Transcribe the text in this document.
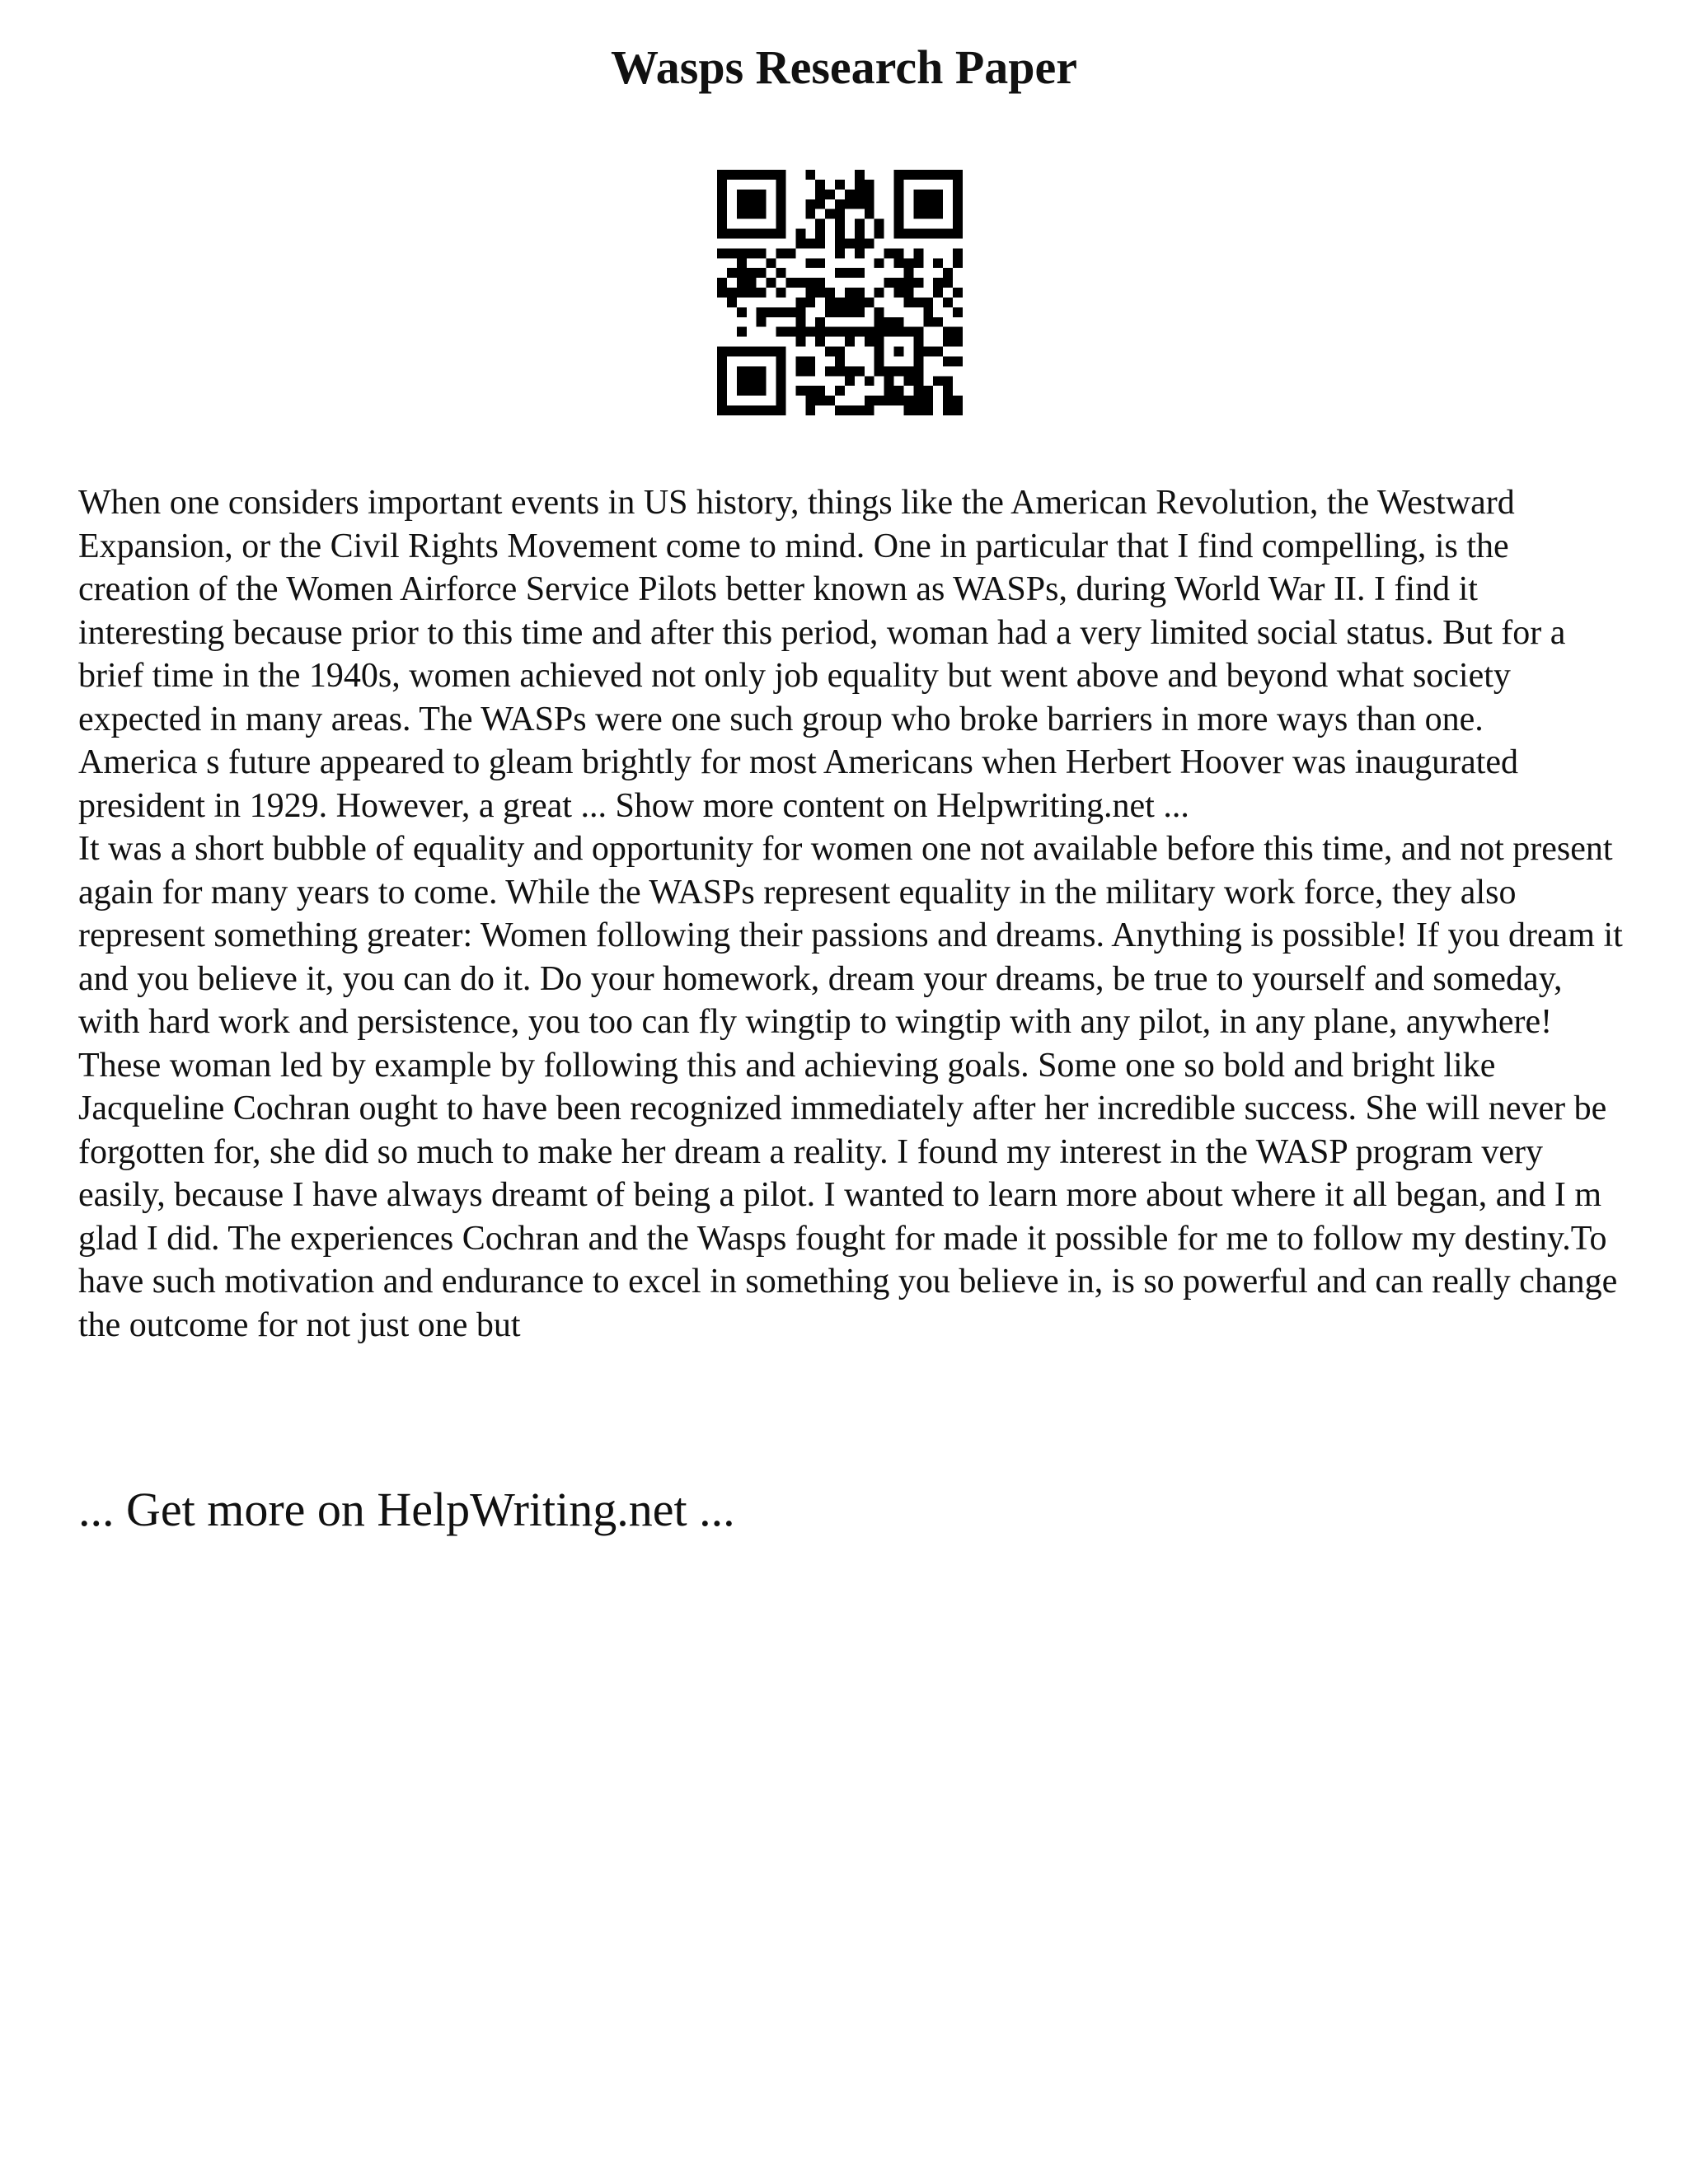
Wasps Research Paper

When one considers important events in US history, things like the American Revolution, the Westward Expansion, or the Civil Rights Movement come to mind. One in particular that I find compelling, is the creation of the Women Airforce Service Pilots better known as WASPs, during World War II. I find it interesting because prior to this time and after this period, woman had a very limited social status. But for a brief time in the 1940s, women achieved not only job equality but went above and beyond what society expected in many areas. The WASPs were one such group who broke barriers in more ways than one.

America s future appeared to gleam brightly for most Americans when Herbert Hoover was inaugurated president in 1929. However, a great ... Show more content on Helpwriting.net ...

It was a short bubble of equality and opportunity for women one not available before this time, and not present again for many years to come. While the WASPs represent equality in the military work force, they also represent something greater: Women following their passions and dreams. Anything is possible! If you dream it and you believe it, you can do it. Do your homework, dream your dreams, be true to yourself and someday, with hard work and persistence, you too can fly wingtip to wingtip with any pilot, in any plane, anywhere! These woman led by example by following this and achieving goals. Some one so bold and bright like Jacqueline Cochran ought to have been recognized immediately after her incredible success. She will never be forgotten for, she did so much to make her dream a reality. I found my interest in the WASP program very easily, because I have always dreamt of being a pilot. I wanted to learn more about where it all began, and I m glad I did. The experiences Cochran and the Wasps fought for made it possible for me to follow my destiny.To have such motivation and endurance to excel in something you believe in, is so powerful and can really change the outcome for not just one but

... Get more on HelpWriting.net ...
